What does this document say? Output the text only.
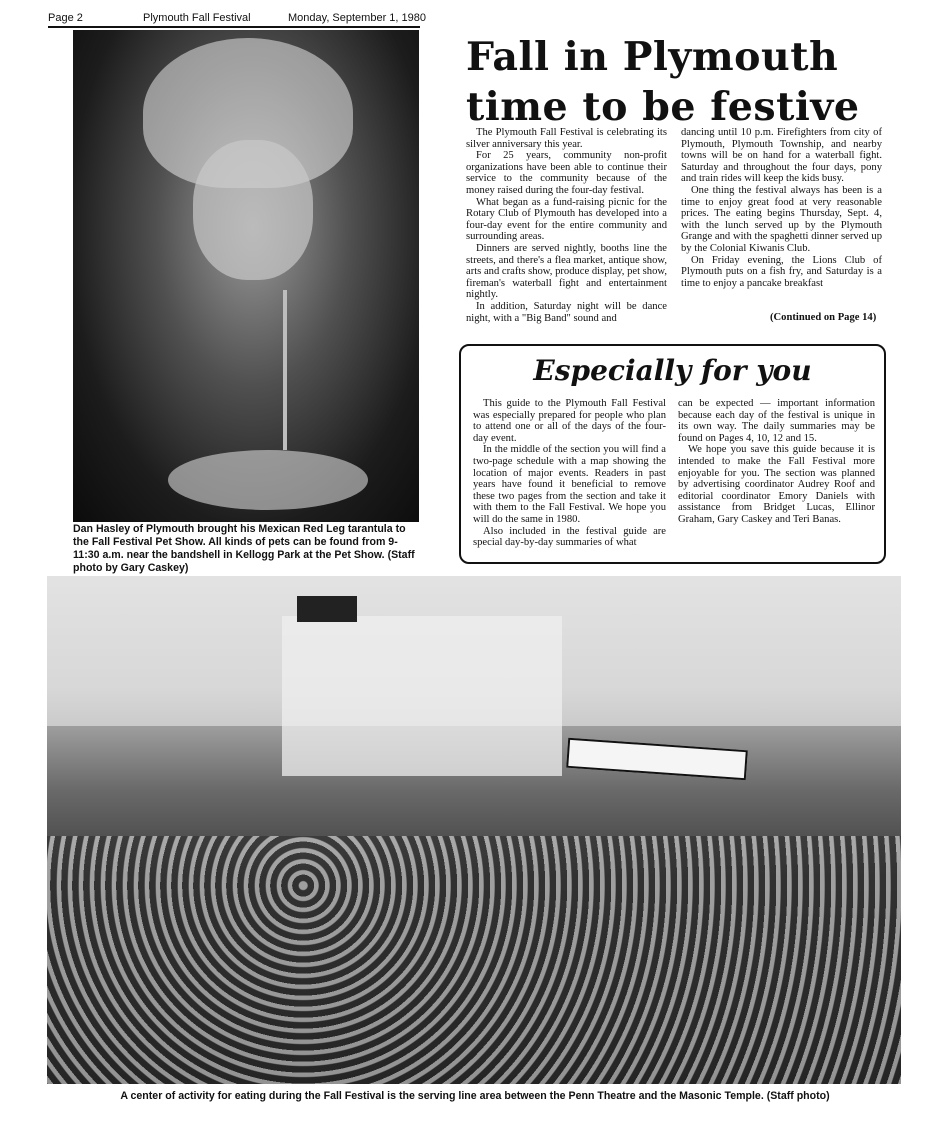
Page 2	Plymouth Fall Festival	Monday, September 1, 1980
Dan Hasley of Plymouth brought his Mexican Red Leg tarantula to the Fall Festival Pet Show. All kinds of pets can be found from 9-11:30 a.m. near the bandshell in Kellogg Park at the Pet Show. (Staff photo by Gary Caskey)
Fall in Plymouth
time to be festive

The Plymouth Fall Festival is celebrating its silver anniversary this year.

For 25 years, community non-profit organizations have been able to continue their service to the community because of the money raised during the four-day festival.

What began as a fund-raising picnic for the Rotary Club of Plymouth has developed into a four-day event for the entire community and surrounding areas.

Dinners are served nightly, booths line the streets, and there's a flea market, antique show, arts and crafts show, produce display, pet show, fireman's waterball fight and entertainment nightly.

In addition, Saturday night will be dance night, with a "Big Band" sound and

dancing until 10 p.m. Firefighters from city of Plymouth, Plymouth Township, and nearby towns will be on hand for a waterball fight. Saturday and throughout the four days, pony and train rides will keep the kids busy.

One thing the festival always has been is a time to enjoy great food at very reasonable prices. The eating begins Thursday, Sept. 4, with the lunch served up by the Plymouth Grange and with the spaghetti dinner served up by the Colonial Kiwanis Club.

On Friday evening, the Lions Club of Plymouth puts on a fish fry, and Saturday is a time to enjoy a pancake breakfast

(Continued on Page 14)
Especially for you

This guide to the Plymouth Fall Festival was especially prepared for people who plan to attend one or all of the days of the four-day event.

In the middle of the section you will find a two-page schedule with a map showing the location of major events. Readers in past years have found it beneficial to remove these two pages from the section and take it with them to the Fall Festival. We hope you will do the same in 1980.

Also included in the festival guide are special day-by-day summaries of what

can be expected — important information because each day of the festival is unique in its own way. The daily summaries may be found on Pages 4, 10, 12 and 15.

We hope you save this guide because it is intended to make the Fall Festival more enjoyable for you. The section was planned by advertising coordinator Audrey Roof and editorial coordinator Emory Daniels with assistance from Bridget Lucas, Ellinor Graham, Gary Caskey and Teri Banas.

A center of activity for eating during the Fall Festival is the serving line area between the Penn Theatre and the Masonic Temple. (Staff photo)
